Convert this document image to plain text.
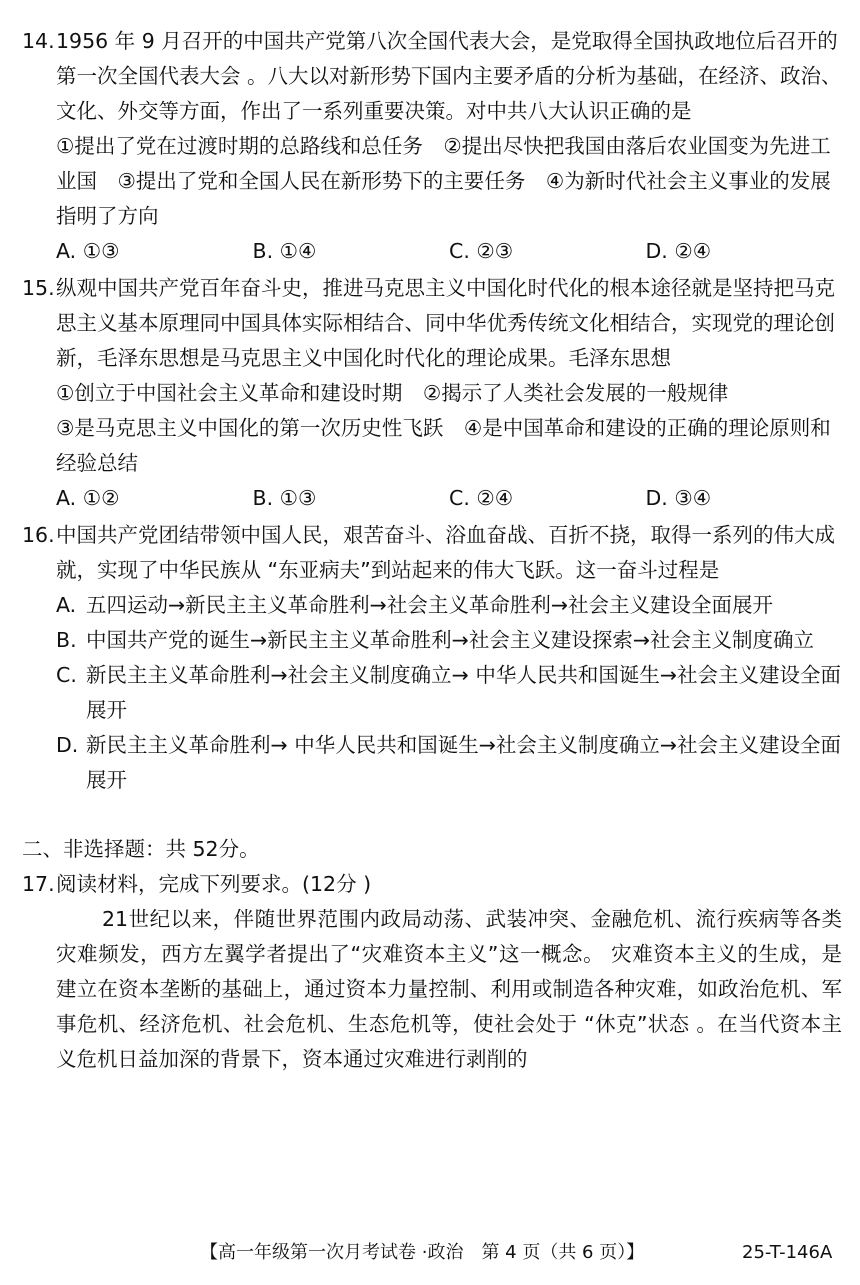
14. 1956 年 9 月召开的中国共产党第八次全国代表大会，是党取得全国执政地位后召开的第一次全国代表大会 。八大以对新形势下国内主要矛盾的分析为基础，在经济、政治、文化、外交等方面，作出了一系列重要决策。对中共八大认识正确的是
①提出了党在过渡时期的总路线和总任务　②提出尽快把我国由落后农业国变为先进工业国　③提出了党和全国人民在新形势下的主要任务　④为新时代社会主义事业的发展指明了方向
A. ①③	B. ①④	C. ②③	D. ②④
15. 纵观中国共产党百年奋斗史，推进马克思主义中国化时代化的根本途径就是坚持把马克思主义基本原理同中国具体实际相结合、同中华优秀传统文化相结合，实现党的理论创新，毛泽东思想是马克思主义中国化时代化的理论成果。毛泽东思想
①创立于中国社会主义革命和建设时期　②揭示了人类社会发展的一般规律
③是马克思主义中国化的第一次历史性飞跃　④是中国革命和建设的正确的理论原则和经验总结
A. ①②	B. ①③	C. ②④	D. ③④
16. 中国共产党团结带领中国人民，艰苦奋斗、浴血奋战、百折不挠，取得一系列的伟大成就，实现了中华民族从 “东亚病夫”到站起来的伟大飞跃。这一奋斗过程是
A. 五四运动→新民主主义革命胜利→社会主义革命胜利→社会主义建设全面展开
B. 中国共产党的诞生→新民主主义革命胜利→社会主义建设探索→社会主义制度确立
C. 新民主主义革命胜利→社会主义制度确立→ 中华人民共和国诞生→社会主义建设全面展开
D. 新民主主义革命胜利→ 中华人民共和国诞生→社会主义制度确立→社会主义建设全面展开
二、非选择题：共 52分。
17. 阅读材料，完成下列要求。(12分 )
21世纪以来，伴随世界范围内政局动荡、武装冲突、金融危机、流行疾病等各类灾难频发，西方左翼学者提出了“灾难资本主义”这一概念。 灾难资本主义的生成，是建立在资本垄断的基础上，通过资本力量控制、利用或制造各种灾难，如政治危机、军事危机、经济危机、社会危机、生态危机等，使社会处于 “休克”状态 。在当代资本主义危机日益加深的背景下，资本通过灾难进行剥削的
【高一年级第一次月考试卷 ·政治　第 4 页（共 6 页）】	25-T-146A
